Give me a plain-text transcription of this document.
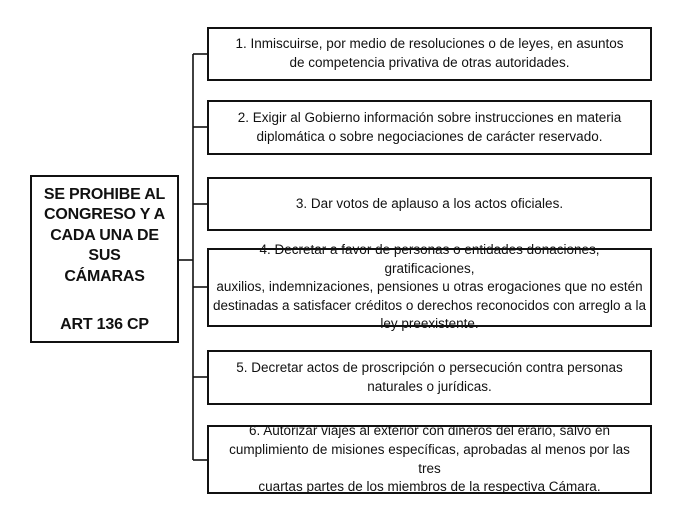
SE PROHIBE AL
CONGRESO Y A
CADA UNA DE SUS
CÁMARAS
ART 136 CP
1. Inmiscuirse, por medio de resoluciones o de leyes, en asuntos
de competencia privativa de otras autoridades.
2. Exigir al Gobierno información sobre instrucciones en materia
diplomática o sobre negociaciones de carácter reservado.
3. Dar votos de aplauso a los actos oficiales.
4. Decretar a favor de personas o entidades donaciones, gratificaciones,
auxilios, indemnizaciones, pensiones u otras erogaciones que no estén
destinadas a satisfacer créditos o derechos reconocidos con arreglo a la
ley preexistente.
5. Decretar actos de proscripción o persecución contra personas
naturales o jurídicas.
6. Autorizar viajes al exterior con dineros del erario, salvo en
cumplimiento de misiones específicas, aprobadas al menos por las tres
cuartas partes de los miembros de la respectiva Cámara.
